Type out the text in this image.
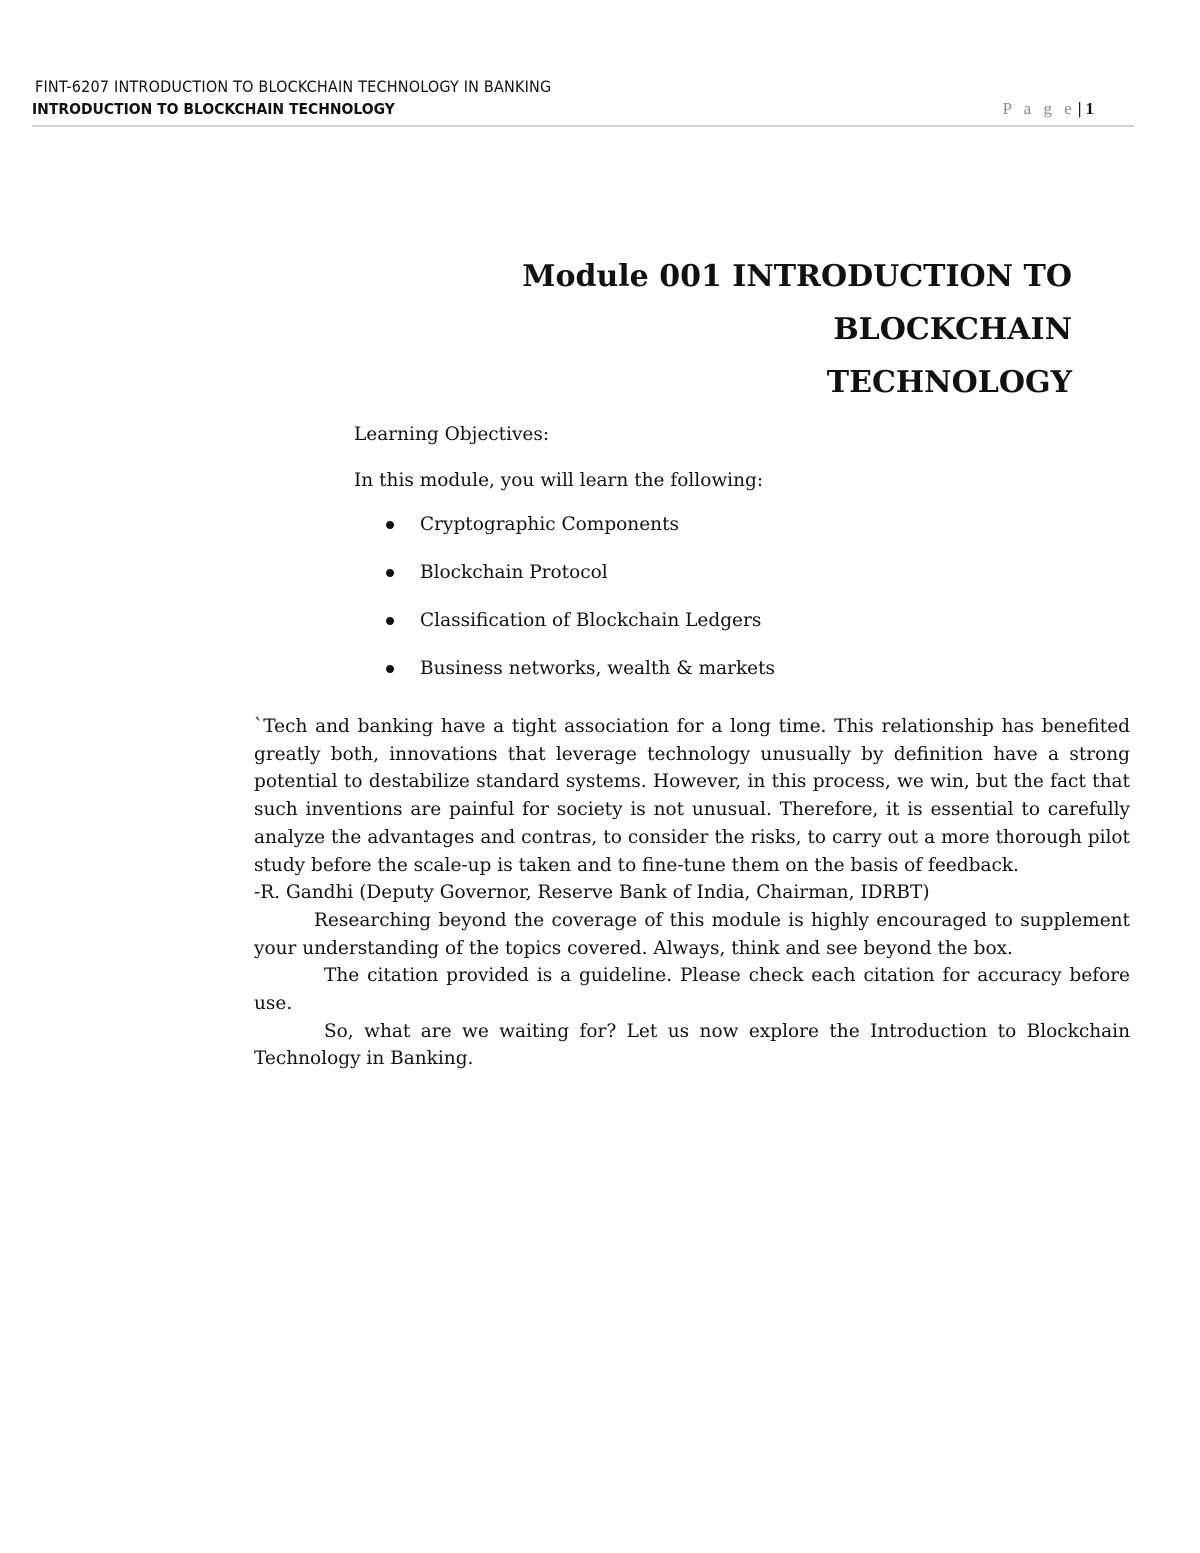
FINT-6207 INTRODUCTION TO BLOCKCHAIN TECHNOLOGY IN BANKING
INTRODUCTION TO BLOCKCHAIN TECHNOLOGY	P a g e | 1
Module 001 INTRODUCTION TO BLOCKCHAIN
TECHNOLOGY

Learning Objectives:

In this module, you will learn the following:

Cryptographic Components
Blockchain Protocol
Classification of Blockchain Ledgers
Business networks, wealth & markets

`Tech and banking have a tight association for a long time. This relationship has benefited greatly both, innovations that leverage technology unusually by definition have a strong potential to destabilize standard systems. However, in this process, we win, but the fact that such inventions are painful for society is not unusual. Therefore, it is essential to carefully analyze the advantages and contras, to consider the risks, to carry out a more thorough pilot study before the scale-up is taken and to fine-tune them on the basis of feedback.

-R. Gandhi (Deputy Governor, Reserve Bank of India, Chairman, IDRBT)

Researching beyond the coverage of this module is highly encouraged to supplement your understanding of the topics covered. Always, think and see beyond the box.

The citation provided is a guideline. Please check each citation for accuracy before use.

So, what are we waiting for? Let us now explore the Introduction to Blockchain Technology in Banking.
